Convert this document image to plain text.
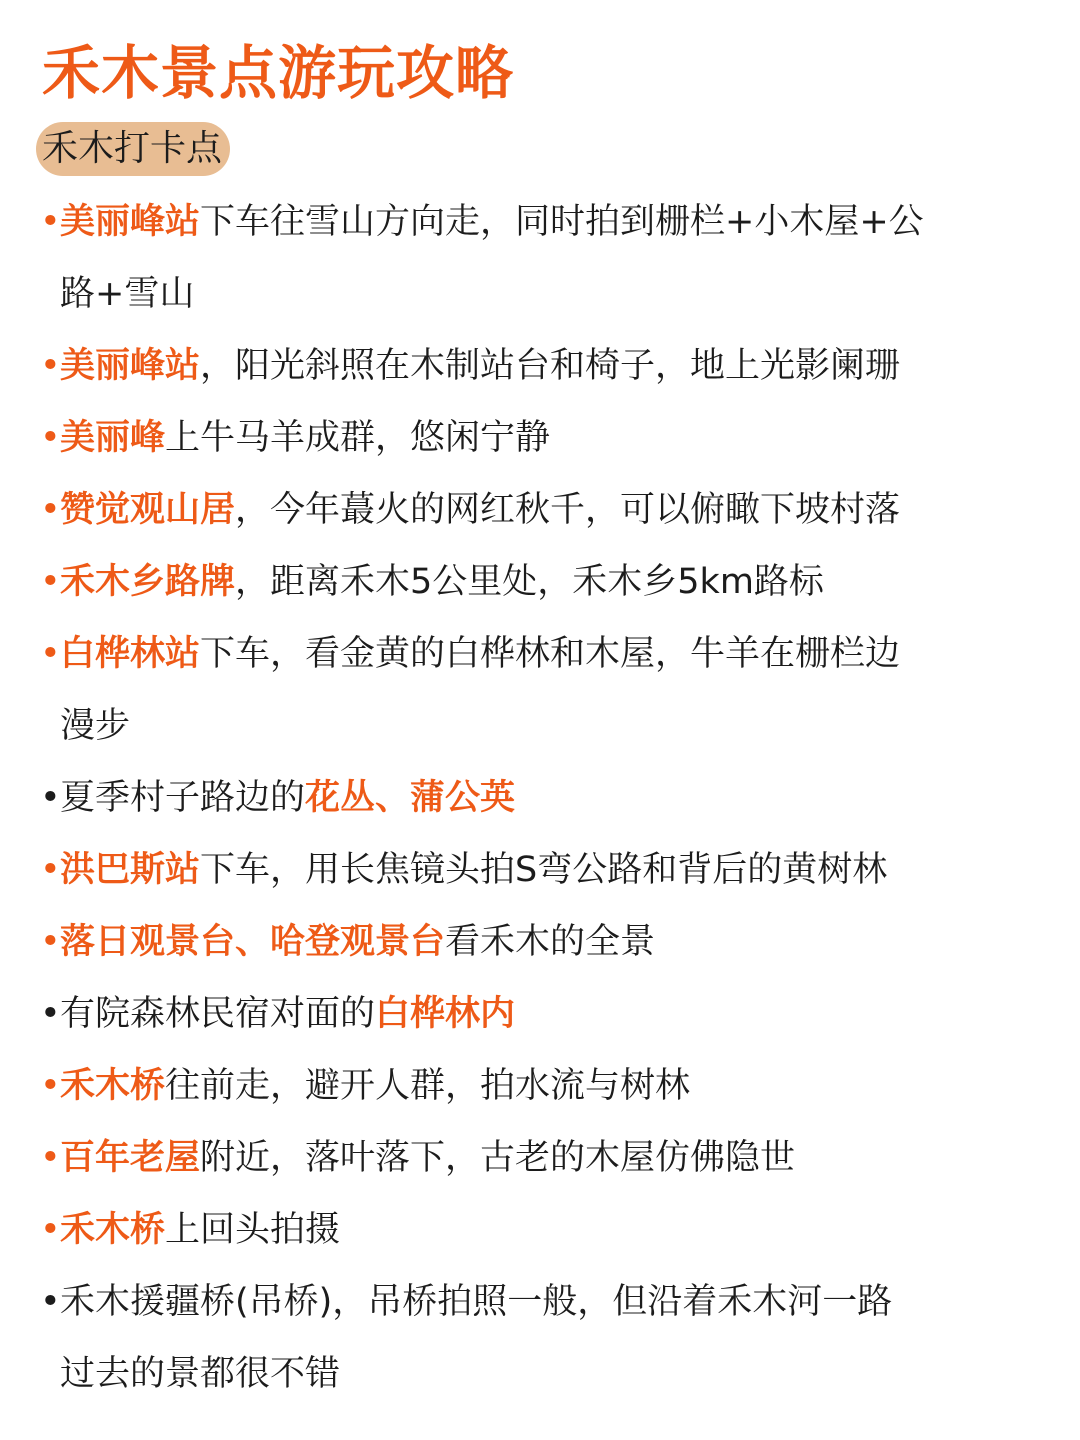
禾木景点游玩攻略
禾木打卡点
• 美丽峰站下车往雪山方向走，同时拍到栅栏+小木屋+公
路+雪山
• 美丽峰站，阳光斜照在木制站台和椅子，地上光影阑珊
• 美丽峰上牛马羊成群，悠闲宁静
• 赞觉观山居，今年蕞火的网红秋千，可以俯瞰下坡村落
• 禾木乡路牌，距离禾木5公里处，禾木乡5km路标
• 白桦林站下车，看金黄的白桦林和木屋，牛羊在栅栏边
漫步
• 夏季村子路边的花丛、蒲公英
• 洪巴斯站下车，用长焦镜头拍S弯公路和背后的黄树林
• 落日观景台、哈登观景台看禾木的全景
• 有院森林民宿对面的白桦林内
• 禾木桥往前走，避开人群，拍水流与树林
• 百年老屋附近，落叶落下，古老的木屋仿佛隐世
• 禾木桥上回头拍摄
• 禾木援疆桥(吊桥)，吊桥拍照一般，但沿着禾木河一路
过去的景都很不错
